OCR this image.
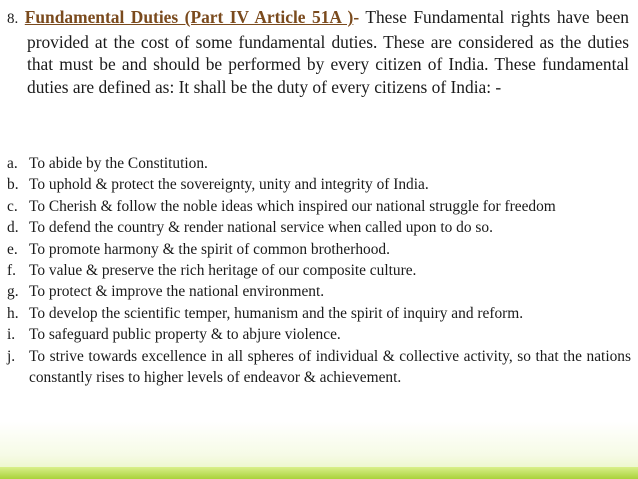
8. Fundamental Duties (Part IV Article 51A )- These Fundamental rights have been provided at the cost of some fundamental duties. These are considered as the duties that must be and should be performed by every citizen of India. These fundamental duties are defined as: It shall be the duty of every citizens of India: -
a. To abide by the Constitution.
b. To uphold & protect the sovereignty, unity and integrity of India.
c. To Cherish & follow the noble ideas which inspired our national struggle for freedom
d. To defend the country & render national service when called upon to do so.
e. To promote harmony & the spirit of common brotherhood.
f. To value & preserve the rich heritage of our composite culture.
g. To protect & improve the national environment.
h. To develop the scientific temper, humanism and the spirit of inquiry and reform.
i. To safeguard public property & to abjure violence.
j. To strive towards excellence in all spheres of individual & collective activity, so that the nations constantly rises to higher levels of endeavor & achievement.
